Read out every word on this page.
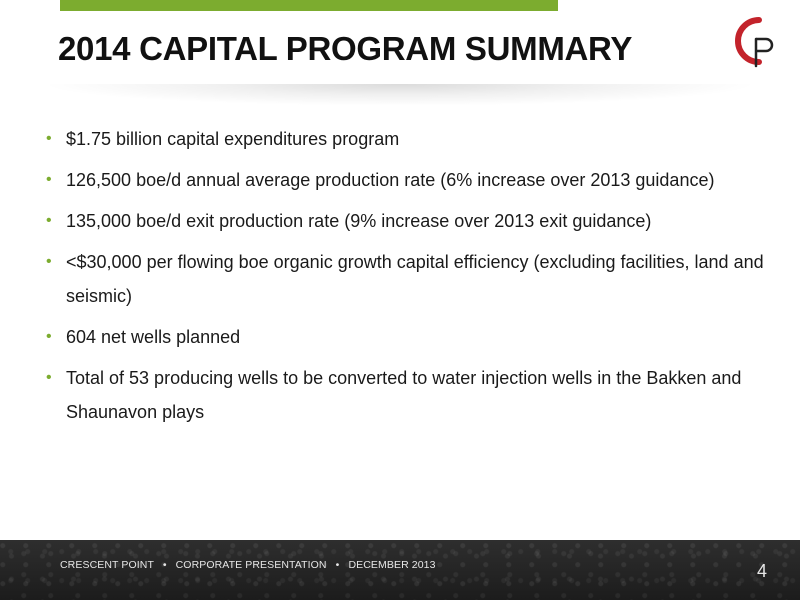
2014 CAPITAL PROGRAM SUMMARY
• $1.75 billion capital expenditures program
• 126,500 boe/d annual average production rate (6% increase over 2013 guidance)
• 135,000 boe/d exit production rate (9% increase over 2013 exit guidance)
• <$30,000 per flowing boe organic growth capital efficiency (excluding facilities, land and seismic)
• 604 net wells planned
• Total of 53 producing wells to be converted to water injection wells in the Bakken and Shaunavon plays
CRESCENT POINT • CORPORATE PRESENTATION • DECEMBER 2013	4
